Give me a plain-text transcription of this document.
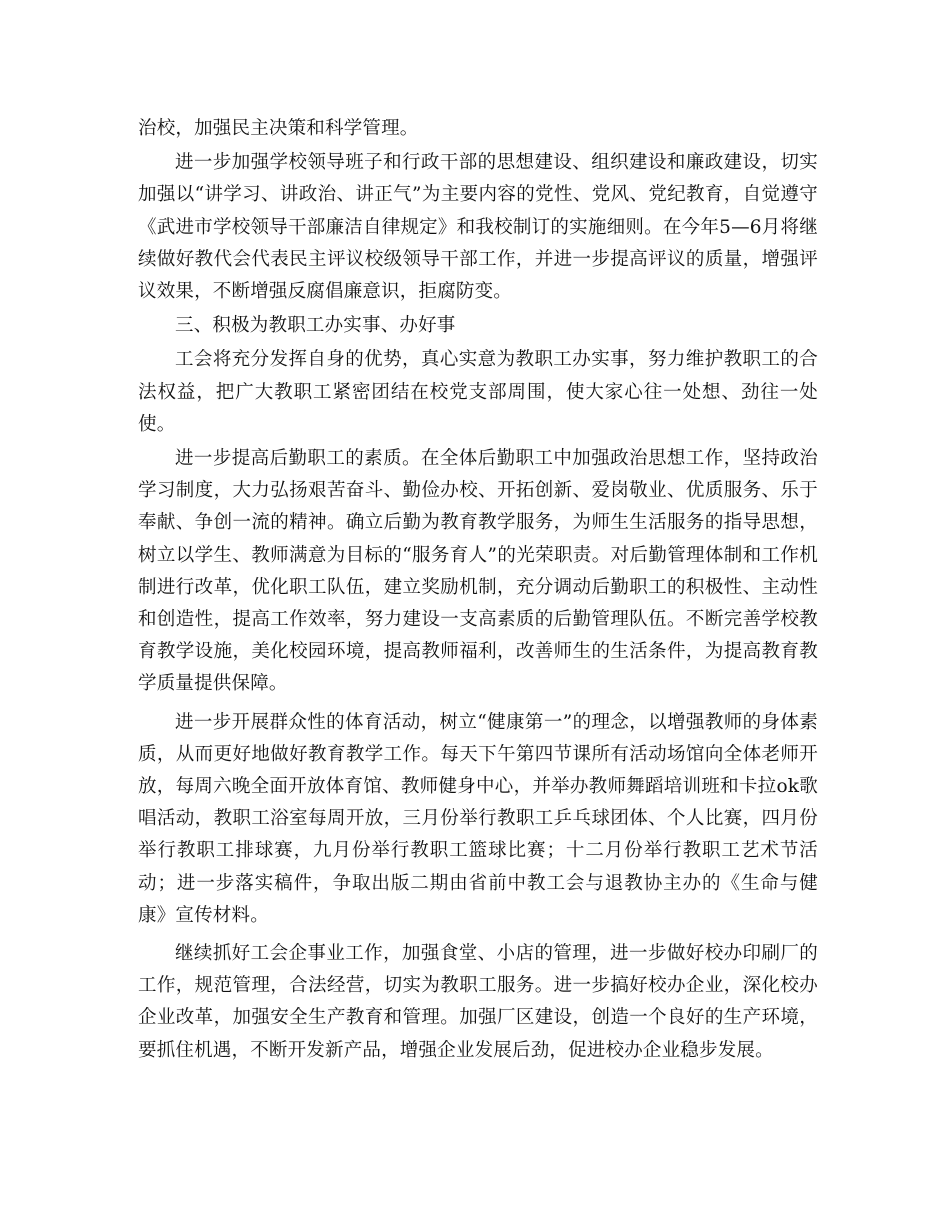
治校，加强民主决策和科学管理。

进一步加强学校领导班子和行政干部的思想建设、组织建设和廉政建设，切实加强以“讲学习、讲政治、讲正气”为主要内容的党性、党风、党纪教育，自觉遵守《武进市学校领导干部廉洁自律规定》和我校制订的实施细则。在今年5—6月将继续做好教代会代表民主评议校级领导干部工作，并进一步提高评议的质量，增强评议效果，不断增强反腐倡廉意识，拒腐防变。

三、积极为教职工办实事、办好事

工会将充分发挥自身的优势，真心实意为教职工办实事，努力维护教职工的合法权益，把广大教职工紧密团结在校党支部周围，使大家心往一处想、劲往一处使。

进一步提高后勤职工的素质。在全体后勤职工中加强政治思想工作，坚持政治学习制度，大力弘扬艰苦奋斗、勤俭办校、开拓创新、爱岗敬业、优质服务、乐于奉献、争创一流的精神。确立后勤为教育教学服务，为师生生活服务的指导思想，树立以学生、教师满意为目标的“服务育人”的光荣职责。对后勤管理体制和工作机制进行改革，优化职工队伍，建立奖励机制，充分调动后勤职工的积极性、主动性和创造性，提高工作效率，努力建设一支高素质的后勤管理队伍。不断完善学校教育教学设施，美化校园环境，提高教师福利，改善师生的生活条件，为提高教育教学质量提供保障。

进一步开展群众性的体育活动，树立“健康第一”的理念，以增强教师的身体素质，从而更好地做好教育教学工作。每天下午第四节课所有活动场馆向全体老师开放，每周六晚全面开放体育馆、教师健身中心，并举办教师舞蹈培训班和卡拉ok歌唱活动，教职工浴室每周开放，三月份举行教职工乒乓球团体、个人比赛，四月份举行教职工排球赛，九月份举行教职工篮球比赛；十二月份举行教职工艺术节活动；进一步落实稿件，争取出版二期由省前中教工会与退教协主办的《生命与健康》宣传材料。

继续抓好工会企事业工作，加强食堂、小店的管理，进一步做好校办印刷厂的工作，规范管理，合法经营，切实为教职工服务。进一步搞好校办企业，深化校办企业改革，加强安全生产教育和管理。加强厂区建设，创造一个良好的生产环境，要抓住机遇，不断开发新产品，增强企业发展后劲，促进校办企业稳步发展。
